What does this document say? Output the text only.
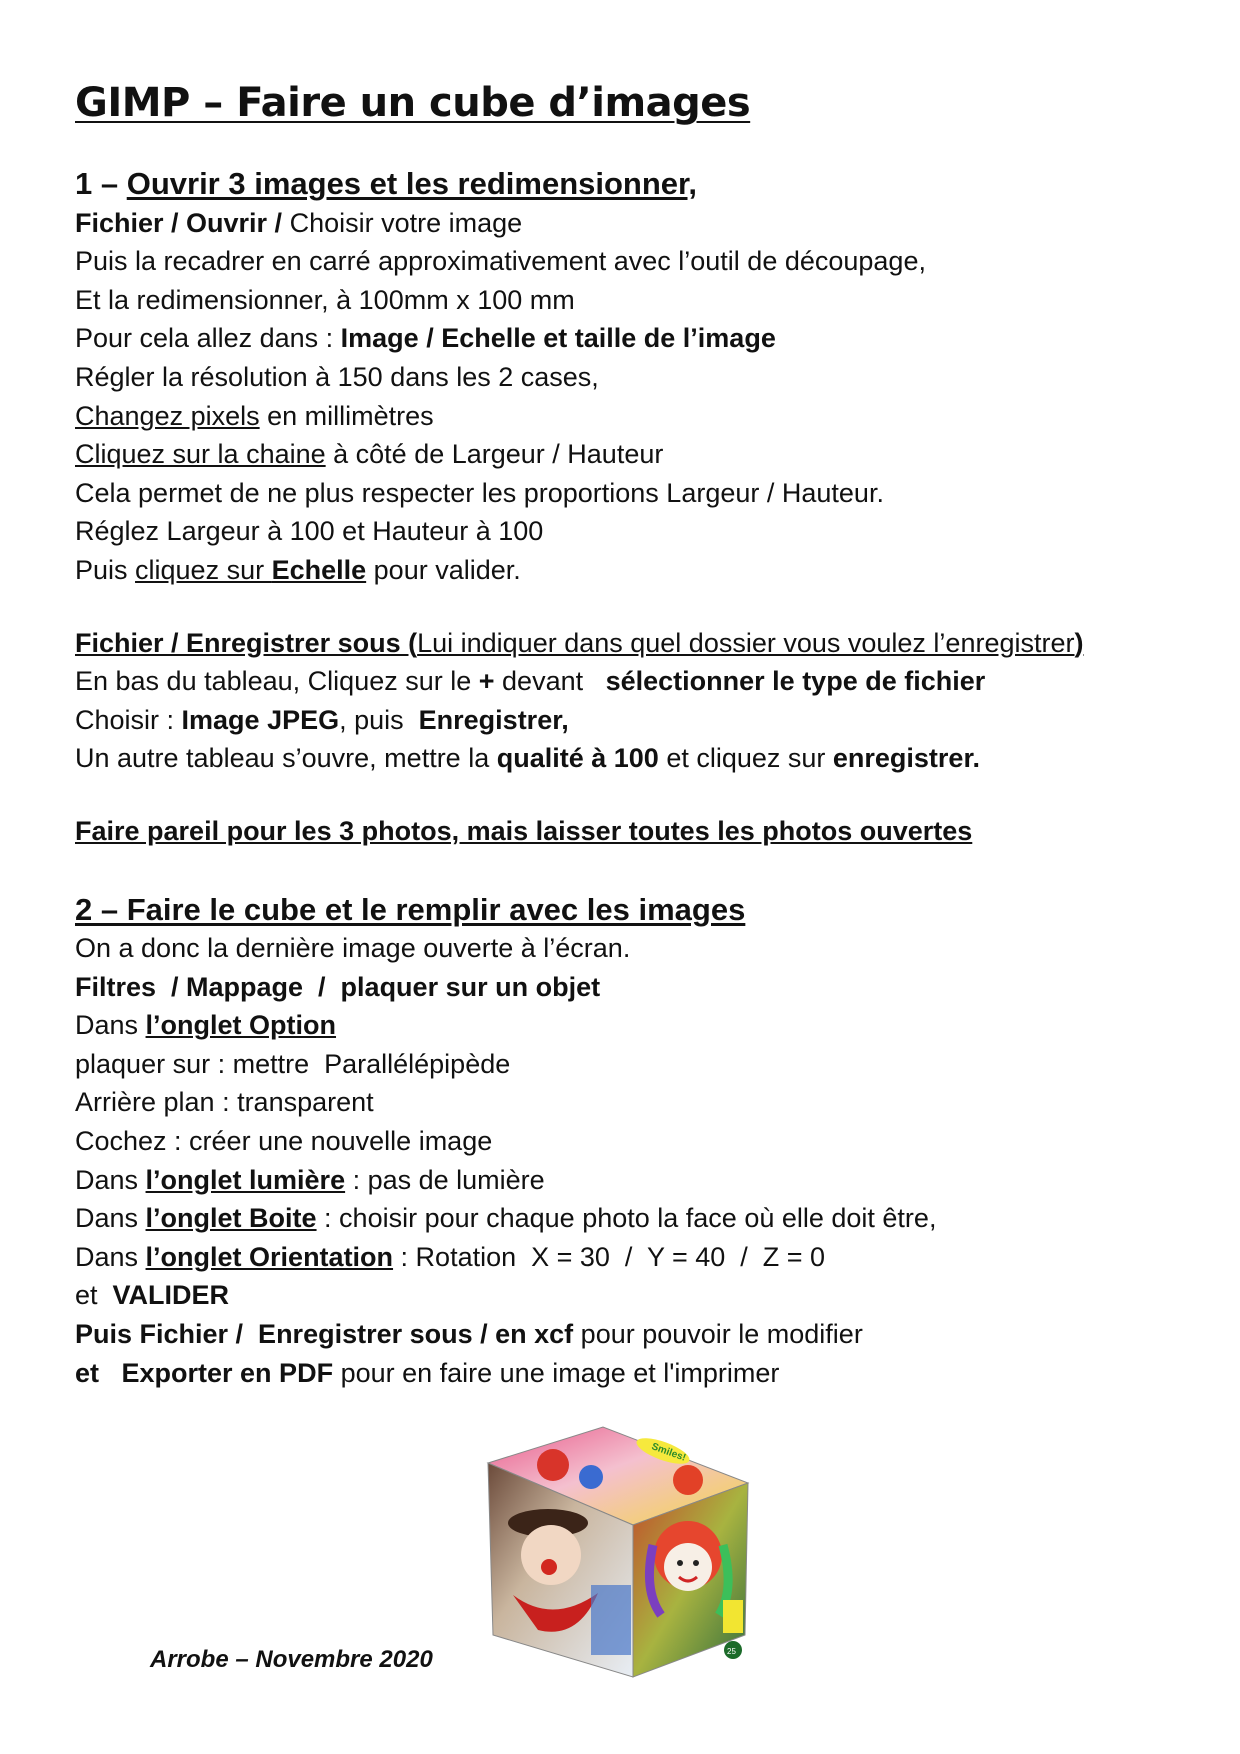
GIMP – Faire un cube d’images
1 – Ouvrir 3 images et les redimensionner,
Fichier / Ouvrir / Choisir votre image
Puis la recadrer en carré approximativement avec l’outil de découpage,
Et la redimensionner, à 100mm x 100 mm
Pour cela allez dans : Image / Echelle et taille de l’image
Régler la résolution à 150 dans les 2 cases,
Changez pixels en millimètres
Cliquez sur la chaine à côté de Largeur / Hauteur
Cela permet de ne plus respecter les proportions Largeur / Hauteur.
Réglez Largeur à 100 et Hauteur à 100
Puis cliquez sur Echelle pour valider.
Fichier / Enregistrer sous (Lui indiquer dans quel dossier vous voulez l’enregistrer)
En bas du tableau, Cliquez sur le + devant   sélectionner le type de fichier
Choisir : Image JPEG, puis  Enregistrer,
Un autre tableau s’ouvre, mettre la qualité à 100 et cliquez sur enregistrer.
Faire pareil pour les 3 photos, mais laisser toutes les photos ouvertes
2 – Faire le cube et le remplir avec les images
On a donc la dernière image ouverte à l’écran.
Filtres  / Mappage  /  plaquer sur un objet
Dans l’onglet Option
plaquer sur : mettre  Parallélépipède
Arrière plan : transparent
Cochez : créer une nouvelle image
Dans l’onglet lumière : pas de lumière
Dans l’onglet Boite : choisir pour chaque photo la face où elle doit être,
Dans l’onglet Orientation : Rotation  X = 30  /  Y = 40  /  Z = 0
et  VALIDER
Puis Fichier /  Enregistrer sous / en xcf pour pouvoir le modifier
et   Exporter en PDF pour en faire une image et l'imprimer
Smiles!
25
Arrobe – Novembre 2020
